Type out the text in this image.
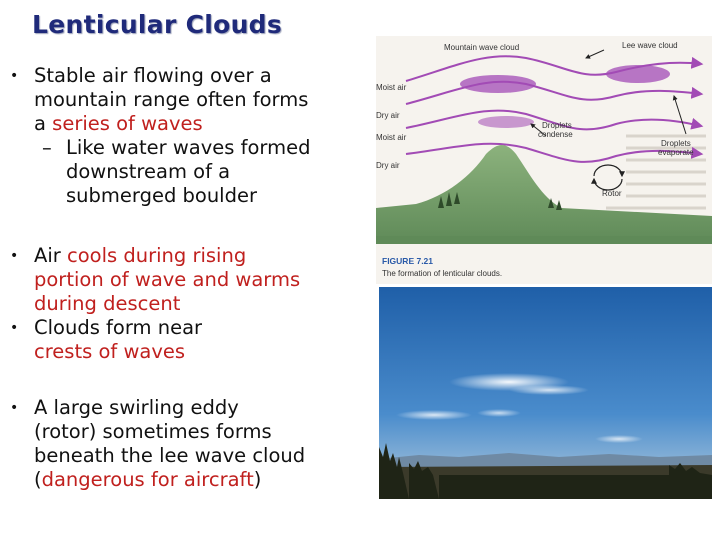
Lenticular Clouds
• Stable air flowing over a
mountain range often forms
a series of waves
– Like water waves formed
downstream of a
submerged boulder
• Air cools during rising
portion of wave and warms
during descent
• Clouds form near
crests of waves
• A large swirling eddy
(rotor) sometimes forms
beneath the lee wave cloud
(dangerous for aircraft)
Mountain wave cloud	Lee wave cloud
Moist air
Dry air
Moist air
Dry air
Droplets
condense
Droplets
evaporate
Rotor
FIGURE 7.21
The formation of lenticular clouds.
